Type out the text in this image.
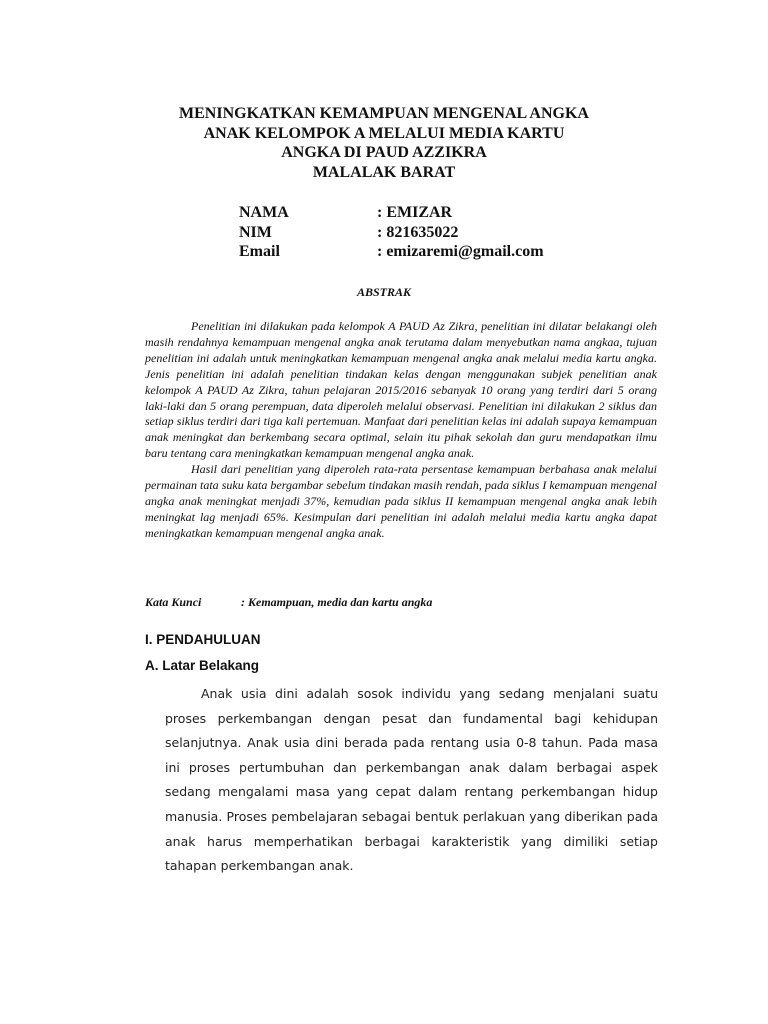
MENINGKATKAN KEMAMPUAN MENGENAL ANGKA
ANAK KELOMPOK A MELALUI MEDIA KARTU
ANGKA DI PAUD AZZIKRA
MALALAK BARAT
NAMA	: EMIZAR
NIM	: 821635022
Email	: emizaremi@gmail.com
ABSTRAK

Penelitian ini dilakukan pada kelompok A PAUD Az Zikra, penelitian ini dilatar belakangi oleh masih rendahnya kemampuan mengenal angka anak terutama dalam menyebutkan nama angkaa, tujuan penelitian ini adalah untuk meningkatkan kemampuan mengenal angka anak melalui media kartu angka. Jenis penelitian ini adalah penelitian tindakan kelas dengan menggunakan subjek penelitian anak kelompok A PAUD Az Zikra, tahun pelajaran 2015/2016 sebanyak 10 orang yang terdiri dari 5 orang laki-laki dan 5 orang perempuan, data diperoleh melalui observasi. Penelitian ini dilakukan 2 siklus dan setiap siklus terdiri dari tiga kali pertemuan. Manfaat dari penelitian kelas ini adalah supaya kemampuan anak meningkat dan berkembang secara optimal, selain itu pihak sekolah dan guru mendapatkan ilmu baru tentang cara meningkatkan kemampuan mengenal angka anak.

Hasil dari penelitian yang diperoleh rata-rata persentase kemampuan berbahasa anak melalui permainan tata suku kata bergambar sebelum tindakan masih rendah, pada siklus I kemampuan mengenal angka anak meningkat menjadi 37%, kemudian pada siklus II kemampuan mengenal angka anak lebih meningkat lag menjadi 65%. Kesimpulan dari penelitian ini adalah melalui media kartu angka dapat meningkatkan kemampuan mengenal angka anak.

Kata Kunci	: Kemampuan, media dan kartu angka
I. PENDAHULUAN
A. Latar Belakang

Anak usia dini adalah sosok individu yang sedang menjalani suatu proses perkembangan dengan pesat dan fundamental bagi kehidupan selanjutnya. Anak usia dini berada pada rentang usia 0-8 tahun. Pada masa ini proses pertumbuhan dan perkembangan anak dalam berbagai aspek sedang mengalami masa yang cepat dalam rentang perkembangan hidup manusia. Proses pembelajaran sebagai bentuk perlakuan yang diberikan pada anak harus memperhatikan berbagai karakteristik yang dimiliki setiap tahapan perkembangan anak.
